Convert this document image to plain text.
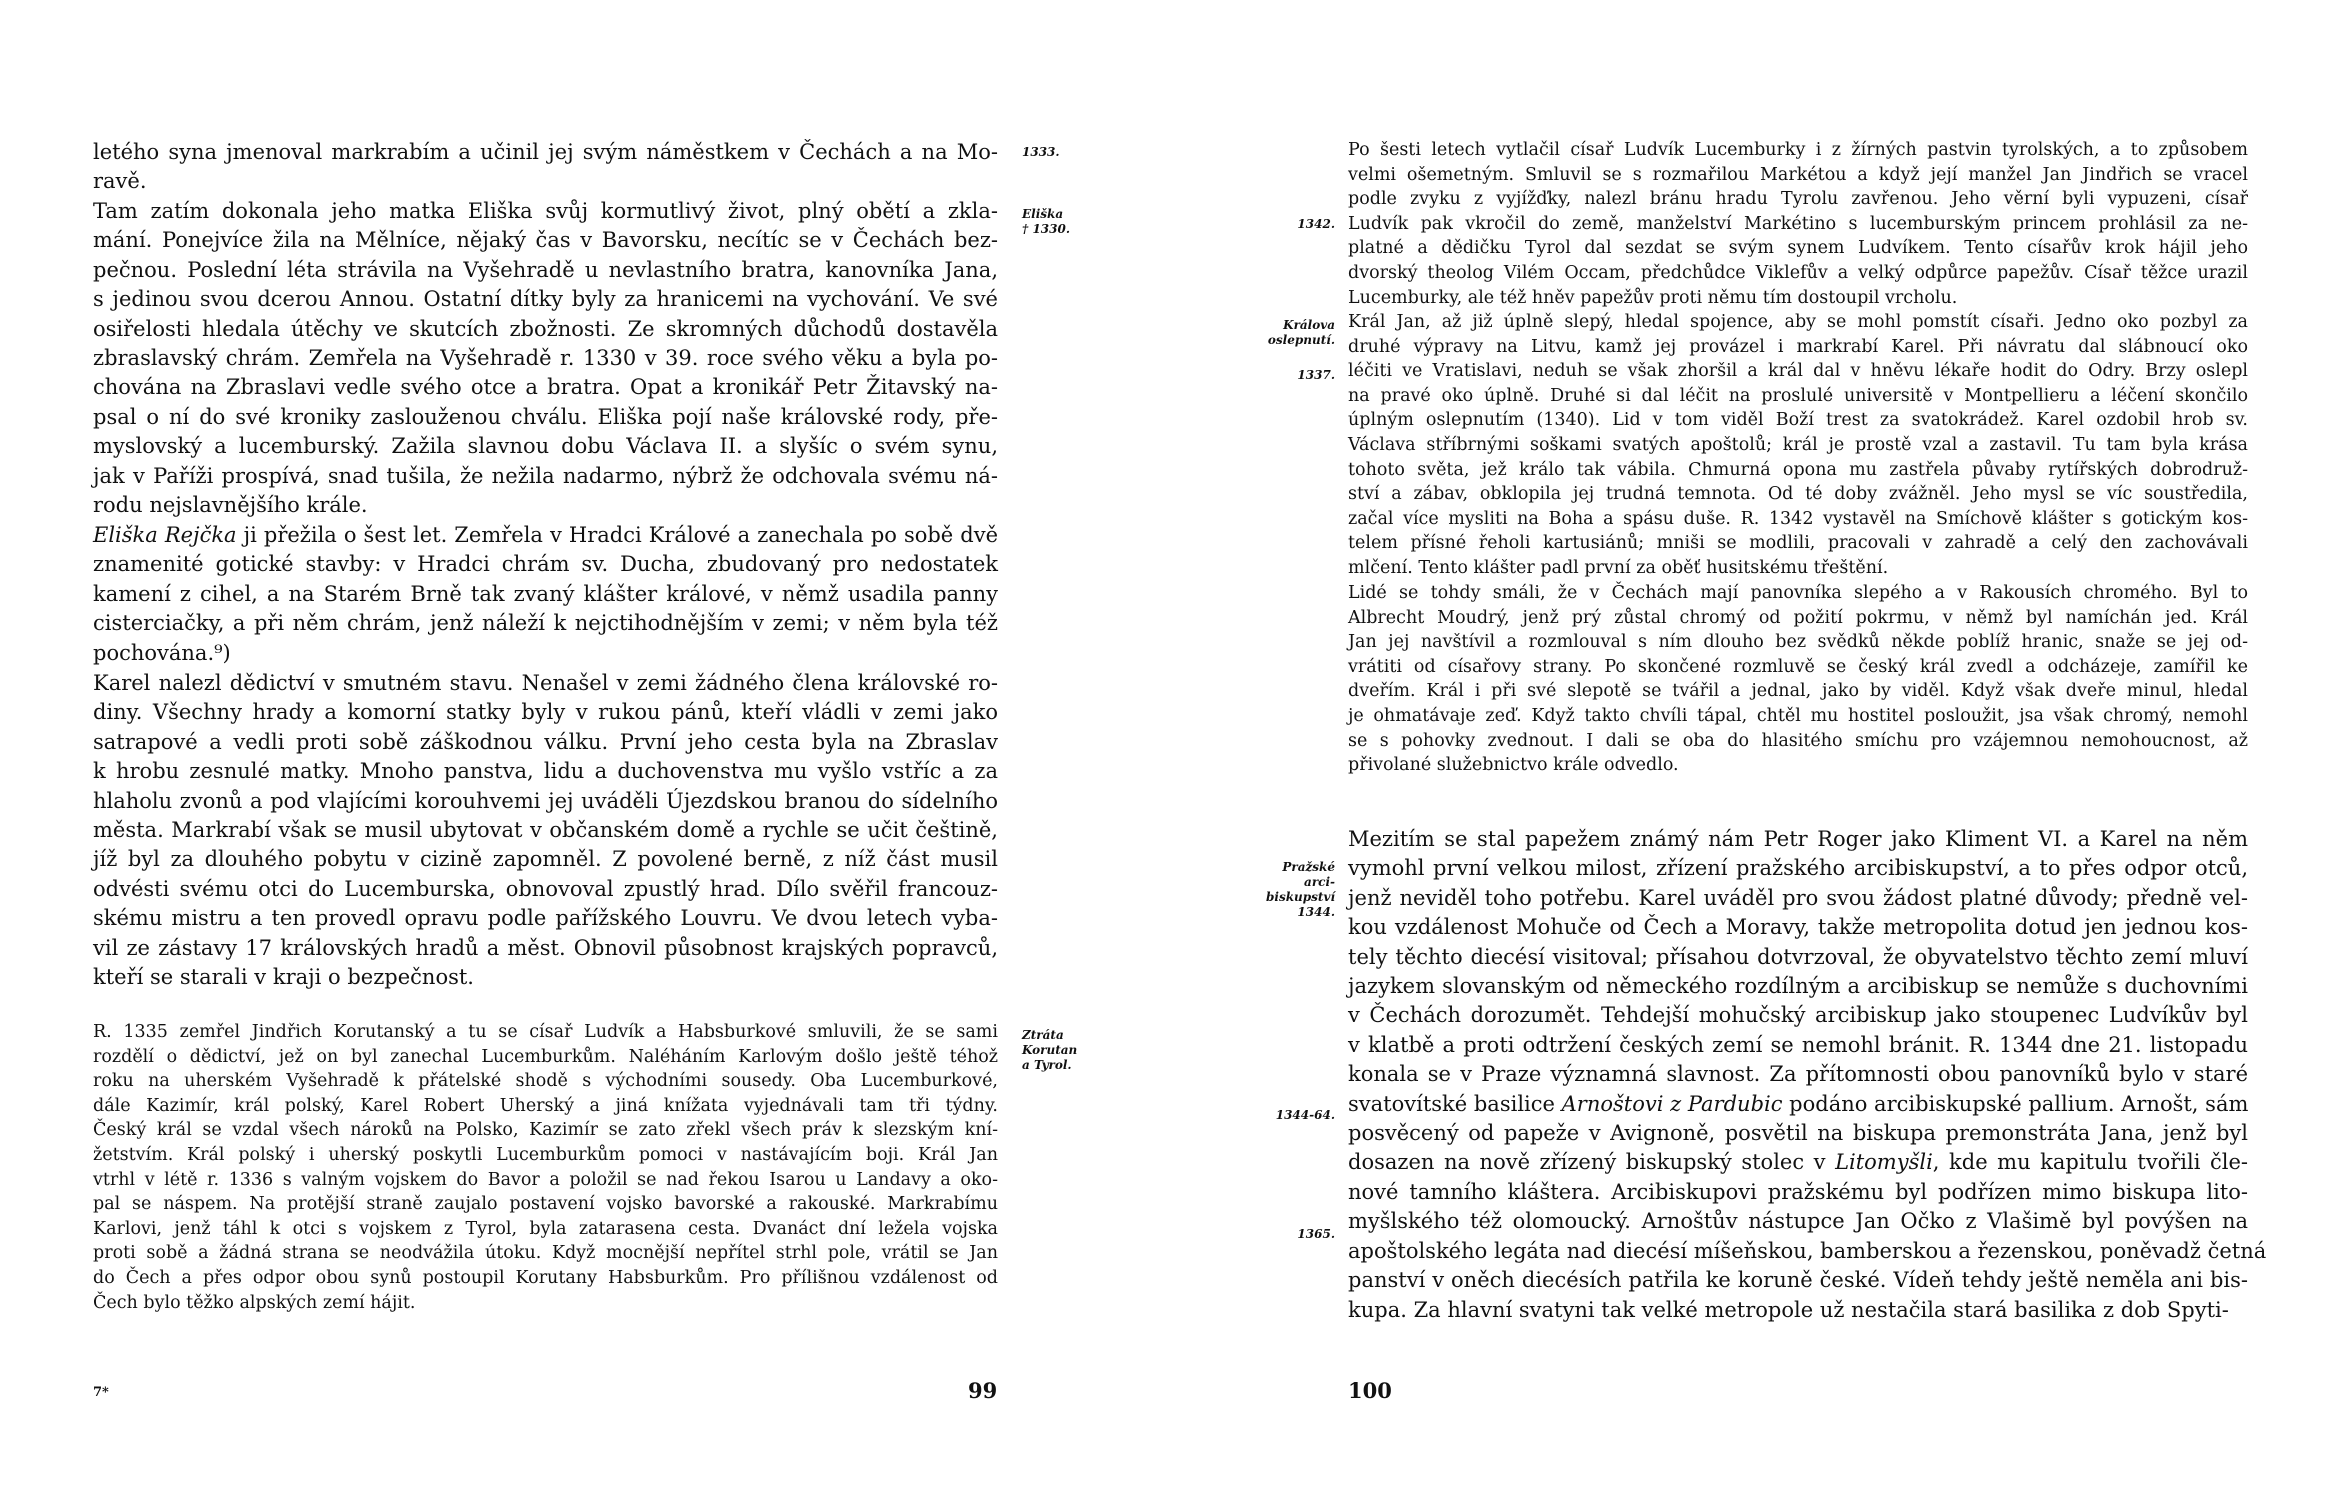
letého syna jmenoval markrabím a učinil jej svým náměstkem v Čechách a na Mo-
ravě.
Tam zatím dokonala jeho matka Eliška svůj kormutlivý život, plný obětí a zkla-
mání. Ponejvíce žila na Mělníce, nějaký čas v Bavorsku, necítíc se v Čechách bez-
pečnou. Poslední léta strávila na Vyšehradě u nevlastního bratra, kanovníka Jana,
s jedinou svou dcerou Annou. Ostatní dítky byly za hranicemi na vychování. Ve své
osiřelosti hledala útěchy ve skutcích zbožnosti. Ze skromných důchodů dostavěla
zbraslavský chrám. Zemřela na Vyšehradě r. 1330 v 39. roce svého věku a byla po-
chována na Zbraslavi vedle svého otce a bratra. Opat a kronikář Petr Žitavský na-
psal o ní do své kroniky zaslouženou chválu. Eliška pojí naše královské rody, pře-
myslovský a lucemburský. Zažila slavnou dobu Václava II. a slyšíc o svém synu,
jak v Paříži prospívá, snad tušila, že nežila nadarmo, nýbrž že odchovala svému ná-
rodu nejslavnějšího krále.
Eliška Rejčka ji přežila o šest let. Zemřela v Hradci Králové a zanechala po sobě dvě
znamenité gotické stavby: v Hradci chrám sv. Ducha, zbudovaný pro nedostatek
kamení z cihel, a na Starém Brně tak zvaný klášter králové, v němž usadila panny
cisterciačky, a při něm chrám, jenž náleží k nejctihodnějším v zemi; v něm byla též
pochována.⁹)
Karel nalezl dědictví v smutném stavu. Nenašel v zemi žádného člena královské ro-
diny. Všechny hrady a komorní statky byly v rukou pánů, kteří vládli v zemi jako
satrapové a vedli proti sobě záškodnou válku. První jeho cesta byla na Zbraslav
k hrobu zesnulé matky. Mnoho panstva, lidu a duchovenstva mu vyšlo vstříc a za
hlaholu zvonů a pod vlajícími korouhvemi jej uváděli Újezdskou branou do sídelního
města. Markrabí však se musil ubytovat v občanském domě a rychle se učit češtině,
jíž byl za dlouhého pobytu v cizině zapomněl. Z povolené berně, z níž část musil
odvésti svému otci do Lucemburska, obnovoval zpustlý hrad. Dílo svěřil francouz-
skému mistru a ten provedl opravu podle pařížského Louvru. Ve dvou letech vyba-
vil ze zástavy 17 královských hradů a měst. Obnovil působnost krajských popravců,
kteří se starali v kraji o bezpečnost.
R. 1335 zemřel Jindřich Korutanský a tu se císař Ludvík a Habsburkové smluvili, že se sami
rozdělí o dědictví, jež on byl zanechal Lucemburkům. Naléháním Karlovým došlo ještě téhož
roku na uherském Vyšehradě k přátelské shodě s východními sousedy. Oba Lucemburkové,
dále Kazimír, král polský, Karel Robert Uherský a jiná knížata vyjednávali tam tři týdny.
Český král se vzdal všech nároků na Polsko, Kazimír se zato zřekl všech práv k slezským kní-
žetstvím. Král polský i uherský poskytli Lucemburkům pomoci v nastávajícím boji. Král Jan
vtrhl v létě r. 1336 s valným vojskem do Bavor a položil se nad řekou Isarou u Landavy a oko-
pal se náspem. Na protější straně zaujalo postavení vojsko bavorské a rakouské. Markrabímu
Karlovi, jenž táhl k otci s vojskem z Tyrol, byla zatarasena cesta. Dvanáct dní ležela vojska
proti sobě a žádná strana se neodvážila útoku. Když mocnější nepřítel strhl pole, vrátil se Jan
do Čech a přes odpor obou synů postoupil Korutany Habsburkům. Pro přílišnou vzdálenost od
Čech bylo těžko alpských zemí hájit.
1333.
Eliška
† 1330.
Ztráta
Korutan
a Tyrol.
7*	99
Po šesti letech vytlačil císař Ludvík Lucemburky i z žírných pastvin tyrolských, a to způsobem
velmi ošemetným. Smluvil se s rozmařilou Markétou a když její manžel Jan Jindřich se vracel
podle zvyku z vyjížďky, nalezl bránu hradu Tyrolu zavřenou. Jeho věrní byli vypuzeni, císař
Ludvík pak vkročil do země, manželství Markétino s lucemburským princem prohlásil za ne-
platné a dědičku Tyrol dal sezdat se svým synem Ludvíkem. Tento císařův krok hájil jeho
dvorský theolog Vilém Occam, předchůdce Viklefův a velký odpůrce papežův. Císař těžce urazil
Lucemburky, ale též hněv papežův proti němu tím dostoupil vrcholu.
Král Jan, až již úplně slepý, hledal spojence, aby se mohl pomstít císaři. Jedno oko pozbyl za
druhé výpravy na Litvu, kamž jej provázel i markrabí Karel. Při návratu dal slábnoucí oko
léčiti ve Vratislavi, neduh se však zhoršil a král dal v hněvu lékaře hodit do Odry. Brzy oslepl
na pravé oko úplně. Druhé si dal léčit na proslulé universitě v Montpellieru a léčení skončilo
úplným oslepnutím (1340). Lid v tom viděl Boží trest za svatokrádež. Karel ozdobil hrob sv.
Václava stříbrnými soškami svatých apoštolů; král je prostě vzal a zastavil. Tu tam byla krása
tohoto světa, jež králo tak vábila. Chmurná opona mu zastřela půvaby rytířských dobrodruž-
ství a zábav, obklopila jej trudná temnota. Od té doby zvážněl. Jeho mysl se víc soustředila,
začal více mysliti na Boha a spásu duše. R. 1342 vystavěl na Smíchově klášter s gotickým kos-
telem přísné řeholi kartusiánů; mniši se modlili, pracovali v zahradě a celý den zachovávali
mlčení. Tento klášter padl první za oběť husitskému třeštění.
Lidé se tohdy smáli, že v Čechách mají panovníka slepého a v Rakousích chromého. Byl to
Albrecht Moudrý, jenž prý zůstal chromý od požití pokrmu, v němž byl namíchán jed. Král
Jan jej navštívil a rozmlouval s ním dlouho bez svědků někde poblíž hranic, snaže se jej od-
vrátiti od císařovy strany. Po skončené rozmluvě se český král zvedl a odcházeje, zamířil ke
dveřím. Král i při své slepotě se tvářil a jednal, jako by viděl. Když však dveře minul, hledal
je ohmatávaje zeď. Když takto chvíli tápal, chtěl mu hostitel posloužit, jsa však chromý, nemohl
se s pohovky zvednout. I dali se oba do hlasitého smíchu pro vzájemnou nemohoucnost, až
přivolané služebnictvo krále odvedlo.
Mezitím se stal papežem známý nám Petr Roger jako Kliment VI. a Karel na něm
vymohl první velkou milost, zřízení pražského arcibiskupství, a to přes odpor otců,
jenž neviděl toho potřebu. Karel uváděl pro svou žádost platné důvody; předně vel-
kou vzdálenost Mohuče od Čech a Moravy, takže metropolita dotud jen jednou kos-
tely těchto diecésí visitoval; přísahou dotvrzoval, že obyvatelstvo těchto zemí mluví
jazykem slovanským od německého rozdílným a arcibiskup se nemůže s duchovními
v Čechách dorozumět. Tehdejší mohučský arcibiskup jako stoupenec Ludvíkův byl
v klatbě a proti odtržení českých zemí se nemohl bránit. R. 1344 dne 21. listopadu
konala se v Praze významná slavnost. Za přítomnosti obou panovníků bylo v staré
svatovítské basilice Arnoštovi z Pardubic podáno arcibiskupské pallium. Arnošt, sám
posvěcený od papeže v Avignoně, posvětil na biskupa premonstráta Jana, jenž byl
dosazen na nově zřízený biskupský stolec v Litomyšli, kde mu kapitulu tvořili čle-
nové tamního kláštera. Arcibiskupovi pražskému byl podřízen mimo biskupa lito-
myšlského též olomoucký. Arnoštův nástupce Jan Očko z Vlašimě byl povýšen na
apoštolského legáta nad diecésí míšeňskou, bamberskou a řezenskou, poněvadž četná
panství v oněch diecésích patřila ke koruně české. Vídeň tehdy ještě neměla ani bis-
kupa. Za hlavní svatyni tak velké metropole už nestačila stará basilika z dob Spyti-
1342.
Králova
oslepnutí.
1337.
Pražské
arci-
biskupství
1344.
1344-64.
1365.
100
